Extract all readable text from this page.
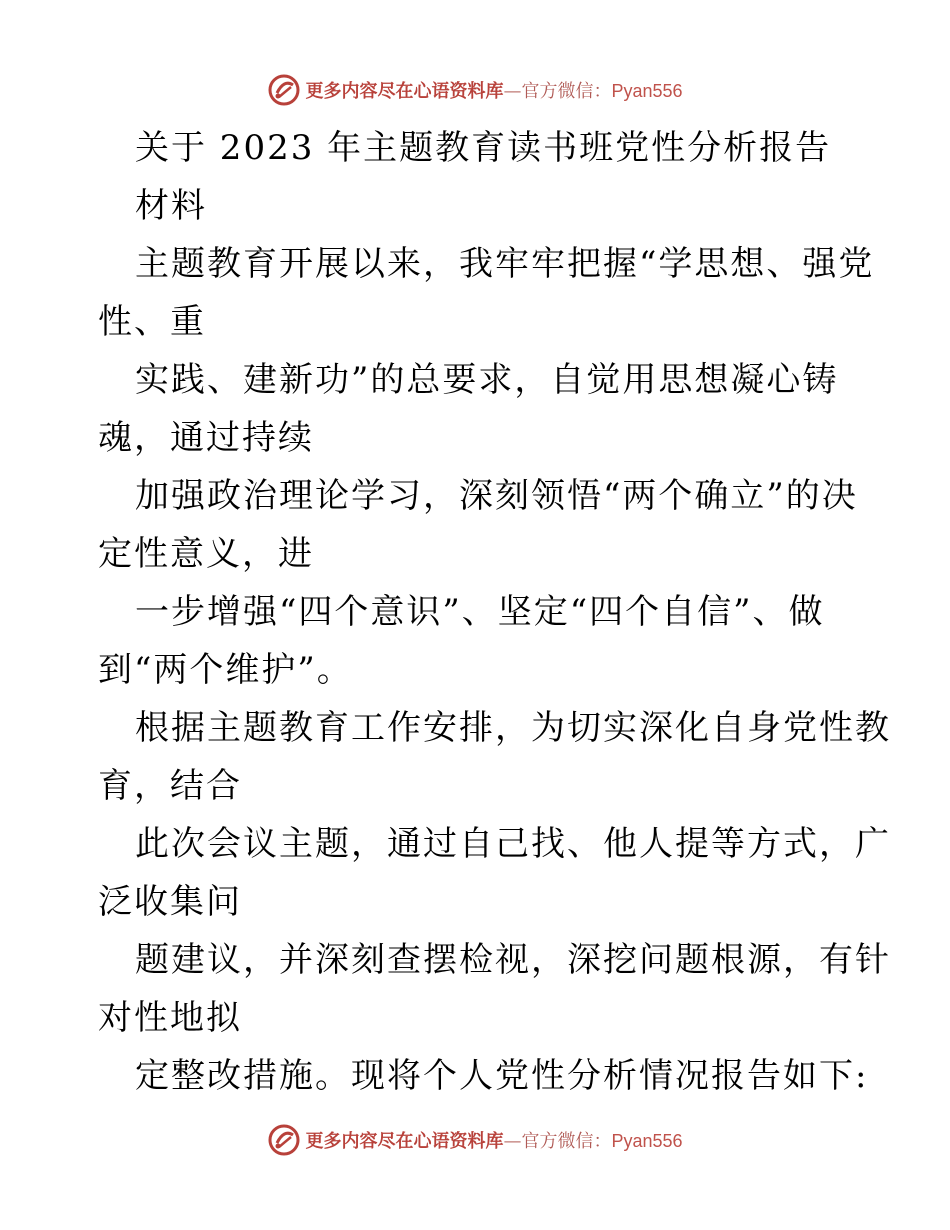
更多内容尽在心语资料库—官方微信：Pyan556
关于 2023 年主题教育读书班党性分析报告
材料
主题教育开展以来，我牢牢把握“学思想、强党
性、重
实践、建新功”的总要求，自觉用思想凝心铸
魂，通过持续
加强政治理论学习，深刻领悟“两个确立”的决
定性意义，进
一步增强“四个意识”、坚定“四个自信”、做
到“两个维护”。
根据主题教育工作安排，为切实深化自身党性教
育，结合
此次会议主题，通过自己找、他人提等方式，广
泛收集问
题建议，并深刻查摆检视，深挖问题根源，有针
对性地拟
定整改措施。现将个人党性分析情况报告如下:
更多内容尽在心语资料库—官方微信：Pyan556
